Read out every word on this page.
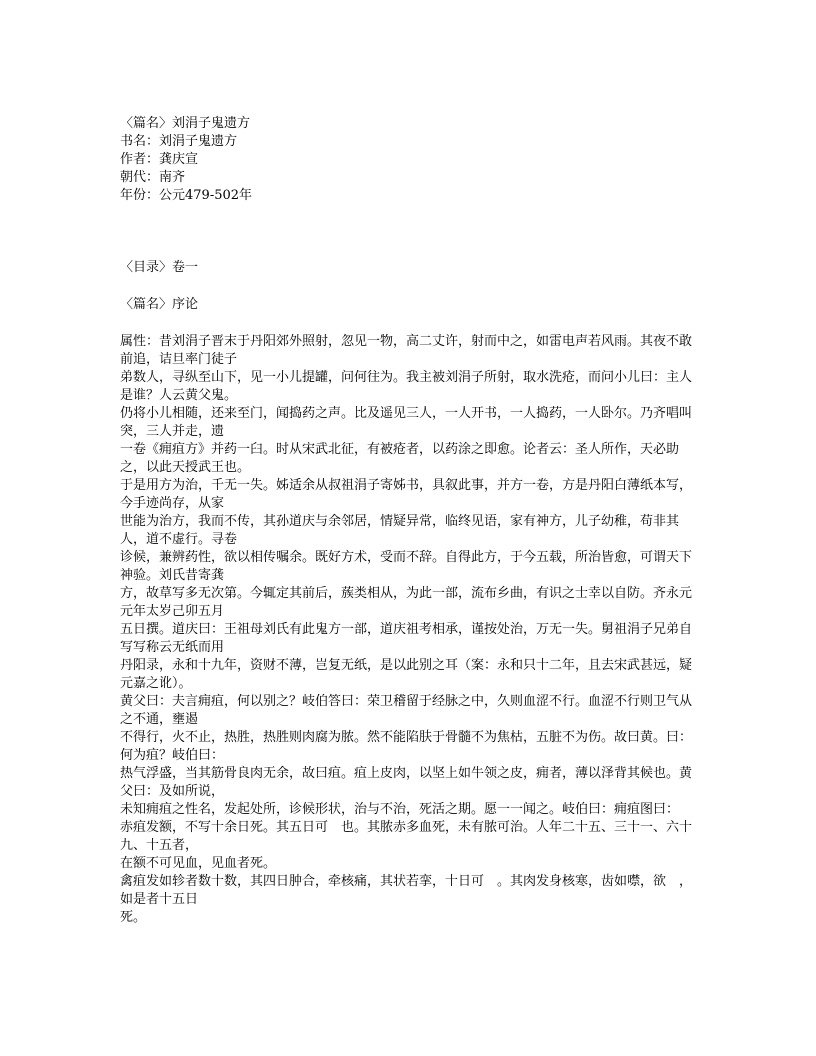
〈篇名〉刘涓子鬼遗方
书名：刘涓子鬼遗方
作者：龚庆宣
朝代：南齐
年份：公元479-502年
〈目录〉卷一
〈篇名〉序论
属性：昔刘涓子晋末于丹阳郊外照射，忽见一物，高二丈许，射而中之，如雷电声若风雨。其夜不敢前追，诘旦率门徒子
弟数人，寻纵至山下，见一小儿提罐，问何往为。我主被刘涓子所射，取水洗疮，而问小儿曰：主人是谁？人云黄父鬼。
仍将小儿相随，还来至门，闻捣药之声。比及遥见三人，一人开书，一人捣药，一人卧尔。乃齐唱叫突，三人并走，遗
一卷《痈疽方》并药一臼。时从宋武北征，有被疮者，以药涂之即愈。论者云：圣人所作，天必助之，以此天授武王也。
于是用方为治，千无一失。姊适余从叔祖涓子寄姊书，具叙此事，并方一卷，方是丹阳白薄纸本写，今手迹尚存，从家
世能为治方，我而不传，其孙道庆与余邻居，情疑异常，临终见语，家有神方，儿子幼稚，苟非其人，道不虚行。寻卷
诊候，兼辨药性，欲以相传嘱余。既好方术，受而不辞。自得此方，于今五载，所治皆愈，可谓天下神验。刘氏昔寄龚
方，故草写多无次第。今辄定其前后，蔟类相从，为此一部，流布乡曲，有识之士幸以自防。齐永元元年太岁己卯五月
五日撰。道庆曰：王祖母刘氏有此鬼方一部，道庆祖考相承，谨按处治，万无一失。舅祖涓子兄弟自写写称云无纸而用
丹阳录，永和十九年，资财不薄，岂复无纸，是以此别之耳（案：永和只十二年，且去宋武甚远，疑元嘉之讹）。
黄父曰：夫言痈疽，何以别之？岐伯答曰：荣卫稽留于经脉之中，久则血涩不行。血涩不行则卫气从之不通，壅遏
不得行，火不止，热胜，热胜则肉腐为脓。然不能陷肤于骨髓不为焦枯，五脏不为伤。故曰黄。曰：何为疽？岐伯曰：
热气浮盛，当其筋骨良肉无余，故曰疽。疽上皮肉，以坚上如牛领之皮，痈者，薄以泽背其候也。黄父曰：及如所说，
未知痈疽之性名，发起处所，诊候形状，治与不治，死活之期。愿一一闻之。岐伯曰：痈疽图曰：
赤疽发额，不写十余日死。其五日可　也。其脓赤多血死，未有脓可治。人年二十五、三十一、六十九、十五者，
在额不可见血，见血者死。
禽疽发如轸者数十数，其四日肿合，牵核痛，其状若挛，十日可　。其肉发身核寒，齿如噤，欲　，如是者十五日
死。
